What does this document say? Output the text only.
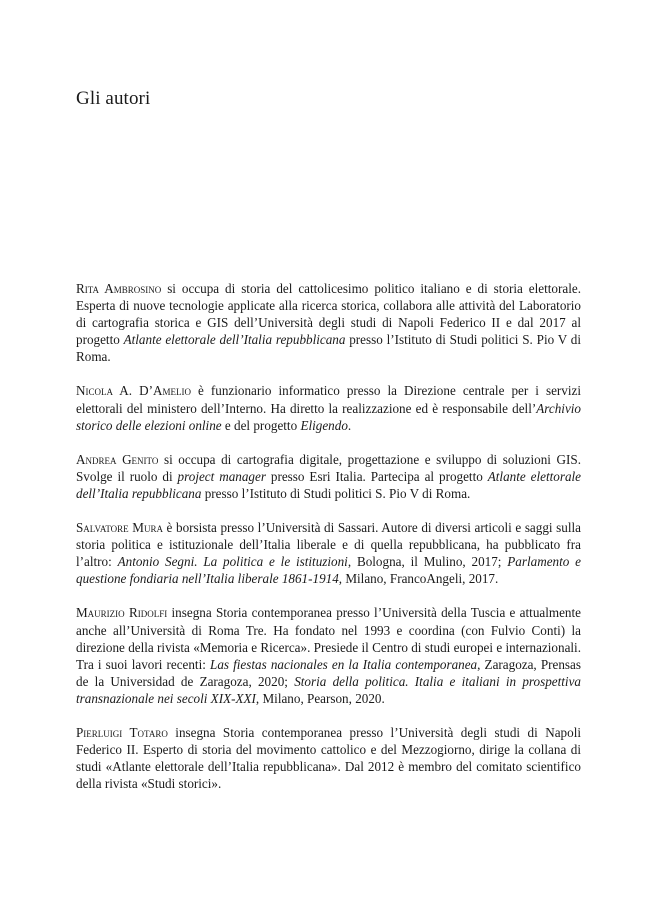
Gli autori

Rita Ambrosino si occupa di storia del cattolicesimo politico italiano e di storia elettorale. Esperta di nuove tecnologie applicate alla ricerca storica, collabora alle attività del Laboratorio di cartografia storica e GIS dell’Università degli studi di Napoli Federico II e dal 2017 al progetto Atlante elettorale dell’Italia repubblicana presso l’Istituto di Studi politici S. Pio V di Roma.

Nicola A. D’Amelio è funzionario informatico presso la Direzione centrale per i servizi elettorali del ministero dell’Interno. Ha diretto la realizzazione ed è responsabile dell’Archivio storico delle elezioni online e del progetto Eligendo.

Andrea Genito si occupa di cartografia digitale, progettazione e sviluppo di soluzioni GIS. Svolge il ruolo di project manager presso Esri Italia. Partecipa al progetto Atlante elettorale dell’Italia repubblicana presso l’Istituto di Studi politici S. Pio V di Roma.

Salvatore Mura è borsista presso l’Università di Sassari. Autore di diversi articoli e saggi sulla storia politica e istituzionale dell’Italia liberale e di quella repubblicana, ha pubblicato fra l’altro: Antonio Segni. La politica e le istituzioni, Bologna, il Mulino, 2017; Parlamento e questione fondiaria nell’Italia liberale 1861-1914, Milano, FrancoAngeli, 2017.

Maurizio Ridolfi insegna Storia contemporanea presso l’Università della Tuscia e attualmente anche all’Università di Roma Tre. Ha fondato nel 1993 e coordina (con Fulvio Conti) la direzione della rivista «Memoria e Ricerca». Presiede il Centro di studi europei e internazionali. Tra i suoi lavori recenti: Las fiestas nacionales en la Italia contemporanea, Zaragoza, Prensas de la Universidad de Zaragoza, 2020; Storia della politica. Italia e italiani in prospettiva transnazionale nei secoli XIX-XXI, Milano, Pearson, 2020.

Pierluigi Totaro insegna Storia contemporanea presso l’Università degli studi di Napoli Federico II. Esperto di storia del movimento cattolico e del Mezzogiorno, dirige la collana di studi «Atlante elettorale dell’Italia repubblicana». Dal 2012 è membro del comitato scientifico della rivista «Studi storici».
